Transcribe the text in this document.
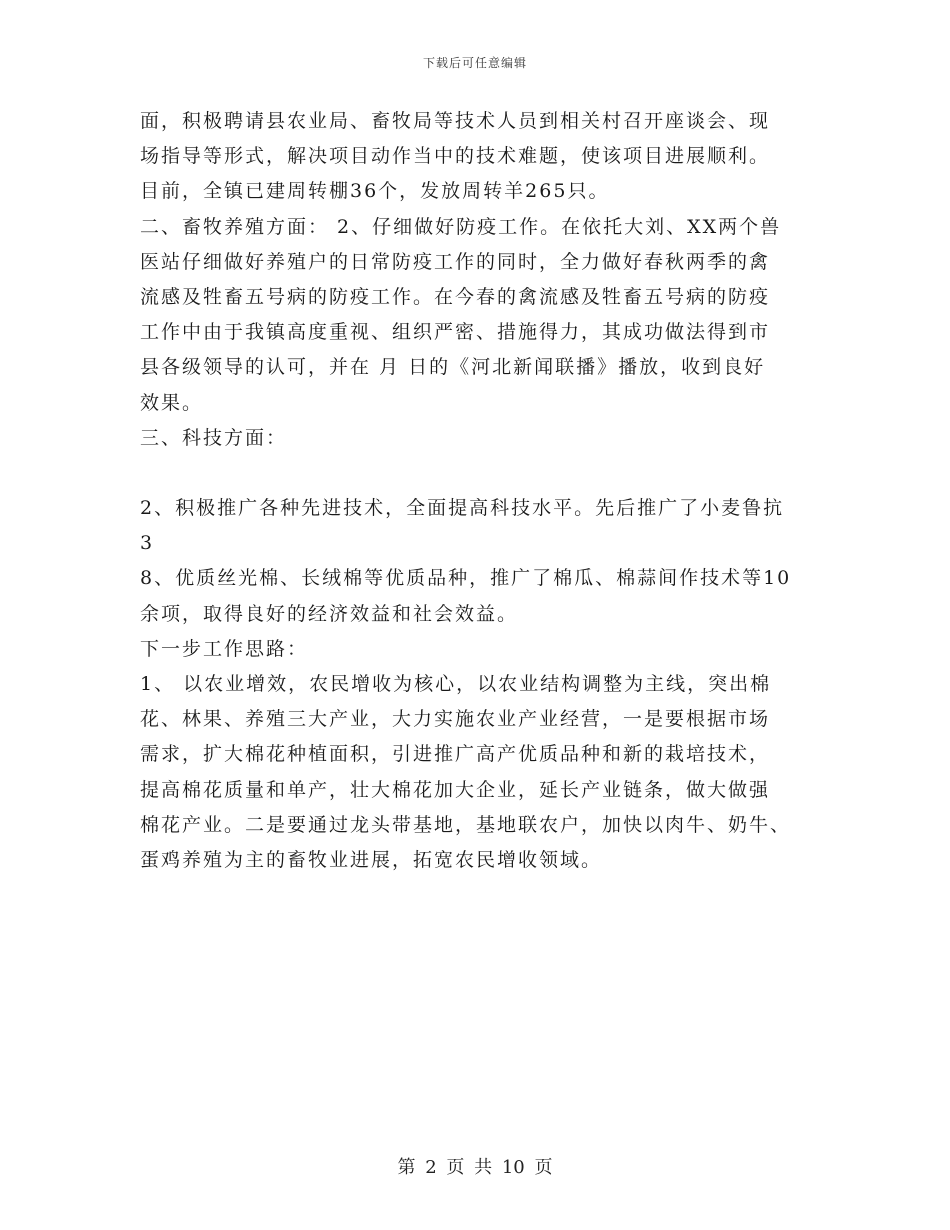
下载后可任意编辑
面，积极聘请县农业局、畜牧局等技术人员到相关村召开座谈会、现
场指导等形式，解决项目动作当中的技术难题，使该项目进展顺利。
目前，全镇已建周转棚36个，发放周转羊265只。
二、畜牧养殖方面： 2、仔细做好防疫工作。在依托大刘、XX两个兽
医站仔细做好养殖户的日常防疫工作的同时，全力做好春秋两季的禽
流感及牲畜五号病的防疫工作。在今春的禽流感及牲畜五号病的防疫
工作中由于我镇高度重视、组织严密、措施得力，其成功做法得到市
县各级领导的认可，并在 月 日的《河北新闻联播》播放，收到良好
效果。
三、科技方面：
2、积极推广各种先进技术，全面提高科技水平。先后推广了小麦鲁抗
3
8、优质丝光棉、长绒棉等优质品种，推广了棉瓜、棉蒜间作技术等10
余项，取得良好的经济效益和社会效益。
下一步工作思路：
1、 以农业增效，农民增收为核心，以农业结构调整为主线，突出棉
花、林果、养殖三大产业，大力实施农业产业经营，一是要根据市场
需求，扩大棉花种植面积，引进推广高产优质品种和新的栽培技术，
提高棉花质量和单产，壮大棉花加大企业，延长产业链条，做大做强
棉花产业。二是要通过龙头带基地，基地联农户，加快以肉牛、奶牛、
蛋鸡养殖为主的畜牧业进展，拓宽农民增收领域。
第 2 页 共 10 页
